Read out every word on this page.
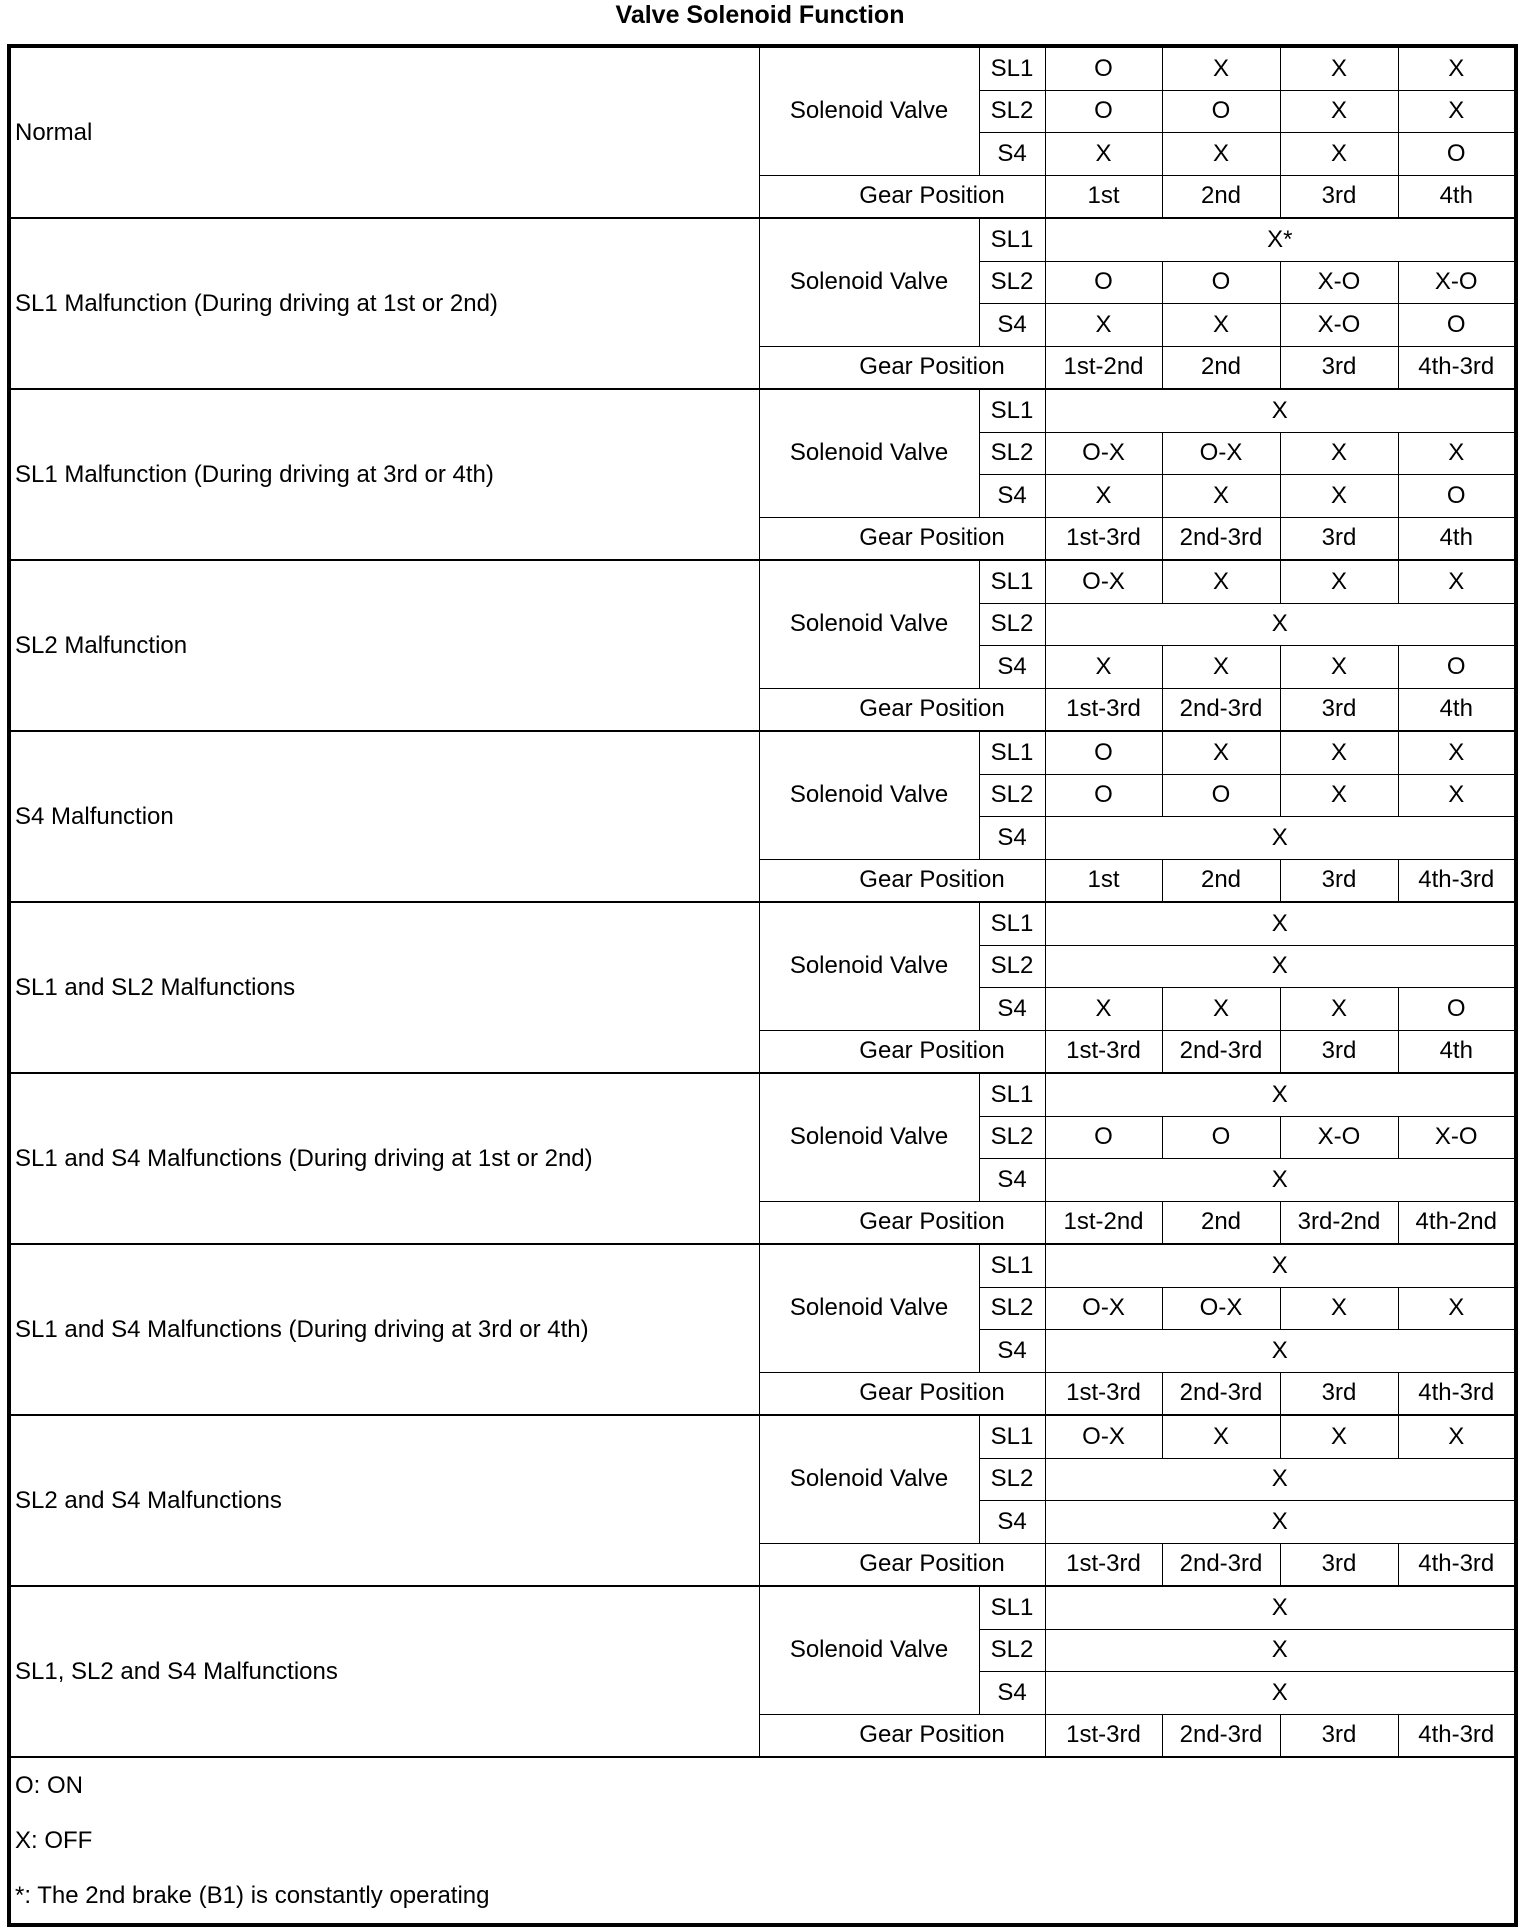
Valve Solenoid Function
Normal	Solenoid Valve	SL1	O	X	X	X
		SL2	O	O	X	X
		S4	X	X	X	O
	Gear Position		1st	2nd	3rd	4th
SL1 Malfunction (During driving at 1st or 2nd)	Solenoid Valve	SL1	X*			
		SL2	O	O	X-O	X-O
		S4	X	X	X-O	O
	Gear Position		1st-2nd	2nd	3rd	4th-3rd
SL1 Malfunction (During driving at 3rd or 4th)	Solenoid Valve	SL1	X			
		SL2	O-X	O-X	X	X
		S4	X	X	X	O
	Gear Position		1st-3rd	2nd-3rd	3rd	4th
SL2 Malfunction	Solenoid Valve	SL1	O-X	X	X	X
		SL2	X			
		S4	X	X	X	O
	Gear Position		1st-3rd	2nd-3rd	3rd	4th
S4 Malfunction	Solenoid Valve	SL1	O	X	X	X
		SL2	O	O	X	X
		S4	X			
	Gear Position		1st	2nd	3rd	4th-3rd
SL1 and SL2 Malfunctions	Solenoid Valve	SL1	X			
		SL2	X			
		S4	X	X	X	O
	Gear Position		1st-3rd	2nd-3rd	3rd	4th
SL1 and S4 Malfunctions (During driving at 1st or 2nd)	Solenoid Valve	SL1	X			
		SL2	O	O	X-O	X-O
		S4	X			
	Gear Position		1st-2nd	2nd	3rd-2nd	4th-2nd
SL1 and S4 Malfunctions (During driving at 3rd or 4th)	Solenoid Valve	SL1	X			
		SL2	O-X	O-X	X	X
		S4	X			
	Gear Position		1st-3rd	2nd-3rd	3rd	4th-3rd
SL2 and S4 Malfunctions	Solenoid Valve	SL1	O-X	X	X	X
		SL2	X			
		S4	X			
	Gear Position		1st-3rd	2nd-3rd	3rd	4th-3rd
SL1, SL2 and S4 Malfunctions	Solenoid Valve	SL1	X			
		SL2	X			
		S4	X			
	Gear Position		1st-3rd	2nd-3rd	3rd	4th-3rd

O: ON
X: OFF
*: The 2nd brake (B1) is constantly operating						
